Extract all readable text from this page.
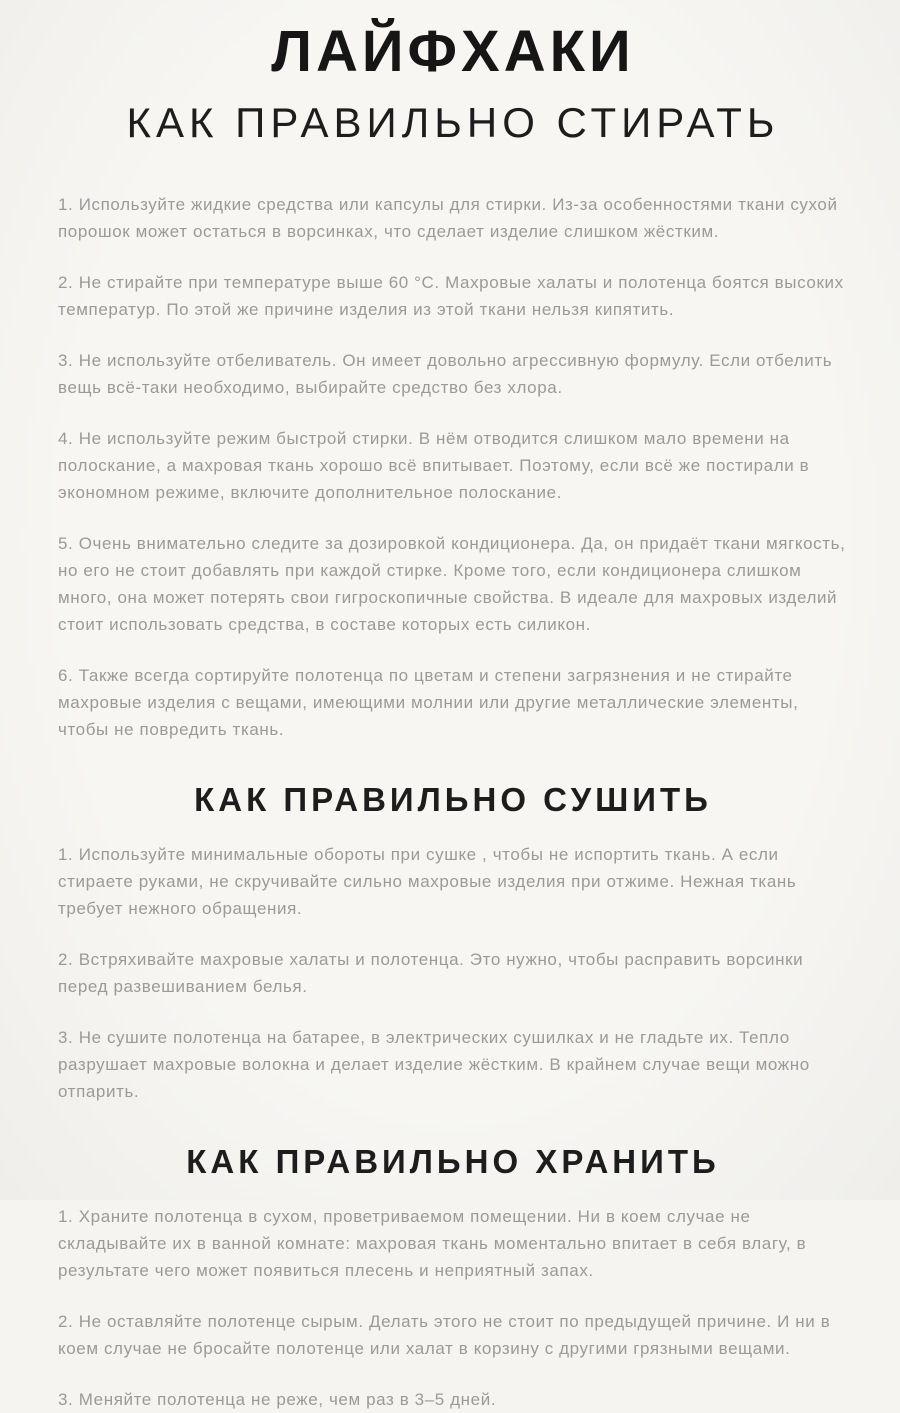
ЛАЙФХАКИ
КАК ПРАВИЛЬНО СТИРАТЬ

1. Используйте жидкие средства или капсулы для стирки. Из-за особенностями ткани сухой порошок может остаться в ворсинках, что сделает изделие слишком жёстким.

2. Не стирайте при температуре выше 60 °С. Махровые халаты и полотенца боятся высоких температур. По этой же причине изделия из этой ткани нельзя кипятить.

3. Не используйте отбеливатель. Он имеет довольно агрессивную формулу. Если отбелить вещь всё-таки необходимо, выбирайте средство без хлора.

4. Не используйте режим быстрой стирки. В нём отводится слишком мало времени на полоскание, а махровая ткань хорошо всё впитывает. Поэтому, если всё же постирали в экономном режиме, включите дополнительное полоскание.

5. Очень внимательно следите за дозировкой кондиционера. Да, он придаёт ткани мягкость, но его не стоит добавлять при каждой стирке. Кроме того, если кондиционера слишком много, она может потерять свои гигроскопичные свойства. В идеале для махровых изделий стоит использовать средства, в составе которых есть силикон.

6. Также всегда сортируйте полотенца по цветам и степени загрязнения и не стирайте махровые изделия с вещами, имеющими молнии или другие металлические элементы, чтобы не повредить ткань.

КАК ПРАВИЛЬНО СУШИТЬ

1. Используйте минимальные обороты при сушке , чтобы не испортить ткань. А если стираете руками, не скручивайте сильно махровые изделия при отжиме. Нежная ткань требует нежного обращения.

2. Встряхивайте махровые халаты и полотенца. Это нужно, чтобы расправить ворсинки перед развешиванием белья.

3. Не сушите полотенца на батарее, в электрических сушилках и не гладьте их. Тепло разрушает махровые волокна и делает изделие жёстким. В крайнем случае вещи можно отпарить.

КАК ПРАВИЛЬНО ХРАНИТЬ

1. Храните полотенца в сухом, проветриваемом помещении. Ни в коем случае не складывайте их в ванной комнате: махровая ткань моментально впитает в себя влагу, в результате чего может появиться плесень и неприятный запах.

2. Не оставляйте полотенце сырым. Делать этого не стоит по предыдущей причине. И ни в коем случае не бросайте полотенце или халат в корзину с другими грязными вещами.

3. Меняйте полотенца не реже, чем раз в 3–5 дней.
